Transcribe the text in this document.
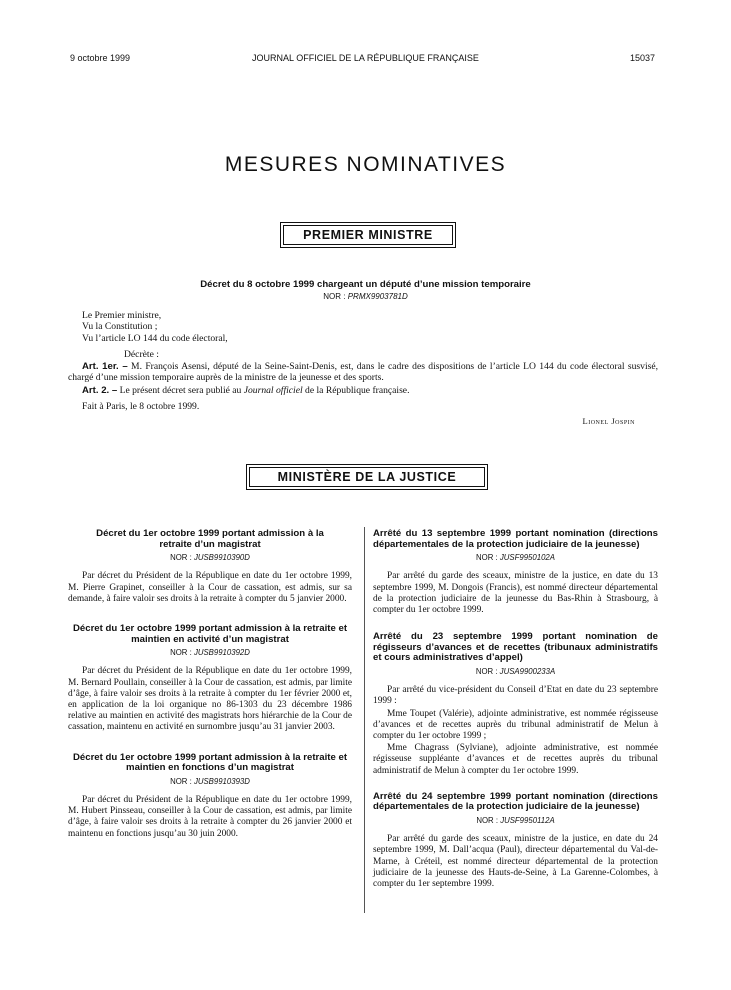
9 octobre 1999	JOURNAL OFFICIEL DE LA RÉPUBLIQUE FRANÇAISE	15037
MESURES NOMINATIVES
PREMIER MINISTRE
Décret du 8 octobre 1999 chargeant un député d’une mission temporaire
NOR : PRMX9903781D

Le Premier ministre,

Vu la Constitution ;

Vu l’article LO 144 du code électoral,

Décrète :
Art. 1er. – M. François Asensi, député de la Seine-Saint-Denis, est, dans le cadre des dispositions de l’article LO 144 du code électoral susvisé, chargé d’une mission temporaire auprès de la ministre de la jeunesse et des sports.
Art. 2. – Le présent décret sera publié au Journal officiel de la République française.
Fait à Paris, le 8 octobre 1999.
Lionel Jospin
MINISTÈRE DE LA JUSTICE
Décret du 1er octobre 1999 portant admission à la retraite d’un magistrat
NOR : JUSB9910390D

Par décret du Président de la République en date du 1er octobre 1999, M. Pierre Grapinet, conseiller à la Cour de cassation, est admis, sur sa demande, à faire valoir ses droits à la retraite à compter du 5 janvier 2000.

Décret du 1er octobre 1999 portant admission à la retraite et maintien en activité d’un magistrat
NOR : JUSB9910392D

Par décret du Président de la République en date du 1er octobre 1999, M. Bernard Poullain, conseiller à la Cour de cassation, est admis, par limite d’âge, à faire valoir ses droits à la retraite à compter du 1er février 2000 et, en application de la loi organique no 86-1303 du 23 décembre 1986 relative au maintien en activité des magistrats hors hiérarchie de la Cour de cassation, maintenu en activité en surnombre jusqu’au 31 janvier 2003.

Décret du 1er octobre 1999 portant admission à la retraite et maintien en fonctions d’un magistrat
NOR : JUSB9910393D

Par décret du Président de la République en date du 1er octobre 1999, M. Hubert Pinsseau, conseiller à la Cour de cassation, est admis, par limite d’âge, à faire valoir ses droits à la retraite à compter du 26 janvier 2000 et maintenu en fonctions jusqu’au 30 juin 2000.

Arrêté du 13 septembre 1999 portant nomination (directions départementales de la protection judiciaire de la jeunesse)
NOR : JUSF9950102A

Par arrêté du garde des sceaux, ministre de la justice, en date du 13 septembre 1999, M. Dongois (Francis), est nommé directeur départemental de la protection judiciaire de la jeunesse du Bas-Rhin à Strasbourg, à compter du 1er octobre 1999.

Arrêté du 23 septembre 1999 portant nomination de régisseurs d’avances et de recettes (tribunaux administratifs et cours administratives d’appel)
NOR : JUSA9900233A

Par arrêté du vice-président du Conseil d’Etat en date du 23 septembre 1999 :

Mme Toupet (Valérie), adjointe administrative, est nommée régisseuse d’avances et de recettes auprès du tribunal administratif de Melun à compter du 1er octobre 1999 ;

Mme Chagrass (Sylviane), adjointe administrative, est nommée régisseuse suppléante d’avances et de recettes auprès du tribunal administratif de Melun à compter du 1er octobre 1999.

Arrêté du 24 septembre 1999 portant nomination (directions départementales de la protection judiciaire de la jeunesse)
NOR : JUSF9950112A

Par arrêté du garde des sceaux, ministre de la justice, en date du 24 septembre 1999, M. Dall’acqua (Paul), directeur départemental du Val-de-Marne, à Créteil, est nommé directeur départemental de la protection judiciaire de la jeunesse des Hauts-de-Seine, à La Garenne-Colombes, à compter du 1er septembre 1999.
